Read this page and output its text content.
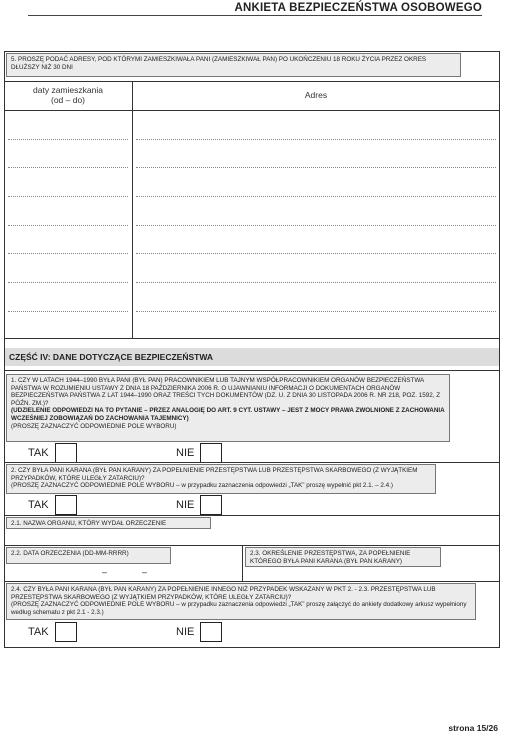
ANKIETA BEZPIECZEŃSTWA OSOBOWEGO
5. PROSZĘ PODAĆ ADRESY, POD KTÓRYMI ZAMIESZKIWAŁA PANI (ZAMIESZKIWAŁ PAN) PO UKOŃCZENIU 18 ROKU ŻYCIA PRZEZ OKRES DŁUŻSZY NIŻ 30 DNI
daty zamieszkania
(od – do)	Adres
CZĘŚĆ IV: DANE DOTYCZĄCE BEZPIECZEŃSTWA
1. CZY W LATACH 1944–1990 BYŁA PANI (BYŁ PAN) PRACOWNIKIEM LUB TAJNYM WSPÓŁPRACOWNIKIEM ORGANÓW BEZPIECZEŃSTWA PAŃSTWA W ROZUMIENIU USTAWY Z DNIA 18 PAŹDZIERNIKA 2006 R. O UJAWNIANIU INFORMACJI O DOKUMENTACH ORGANÓW BEZPIECZEŃSTWA PAŃSTWA Z LAT 1944–1990 ORAZ TREŚCI TYCH DOKUMENTÓW (DZ. U. Z DNIA 30 LISTOPADA 2006 R. NR 218, POZ. 1592, Z PÓŹN. ZM.)?
(UDZIELENIE ODPOWIEDZI NA TO PYTANIE – PRZEZ ANALOGIĘ DO ART. 9 CYT. USTAWY – JEST Z MOCY PRAWA ZWOLNIONE Z ZACHOWANIA WCZEŚNIEJ ZOBOWIĄZAŃ DO ZACHOWANIA TAJEMNICY)
(PROSZĘ ZAZNACZYĆ ODPOWIEDNIE POLE WYBORU)
TAK	NIE
2. CZY BYŁA PANI KARANA (BYŁ PAN KARANY) ZA POPEŁNIENIE PRZESTĘPSTWA LUB PRZESTĘPSTWA SKARBOWEGO (Z WYJĄTKIEM PRZYPADKÓW, KTÓRE ULEGŁY ZATARCIU)?
(PROSZĘ ZAZNACZYĆ ODPOWIEDNIE POLE WYBORU – w przypadku zaznaczenia odpowiedzi „TAK” proszę wypełnić pkt 2.1. – 2.4.)
TAK	NIE
2.1. NAZWA ORGANU, KTÓRY WYDAŁ ORZECZENIE
2.2. DATA ORZECZENIA (DD-MM-RRRR)	2.3. OKREŚLENIE PRZESTĘPSTWA, ZA POPEŁNIENIE KTÓREGO BYŁA PANI KARANA (BYŁ PAN KARANY)
–	–
2.4. CZY BYŁA PANI KARANA (BYŁ PAN KARANY) ZA POPEŁNIENIE INNEGO NIŻ PRZYPADEK WSKAZANY W PKT 2. - 2.3. PRZESTĘPSTWA LUB PRZESTĘPSTWA SKARBOWEGO (Z WYJĄTKIEM PRZYPADKÓW, KTÓRE ULEGŁY ZATARCIU)?
(PROSZĘ ZAZNACZYĆ ODPOWIEDNIE POLE WYBORU – w przypadku zaznaczenia odpowiedzi „TAK” proszę załączyć do ankiety dodatkowy arkusz wypełniony według schematu z pkt 2.1 - 2.3.)
TAK	NIE
strona 15/26
